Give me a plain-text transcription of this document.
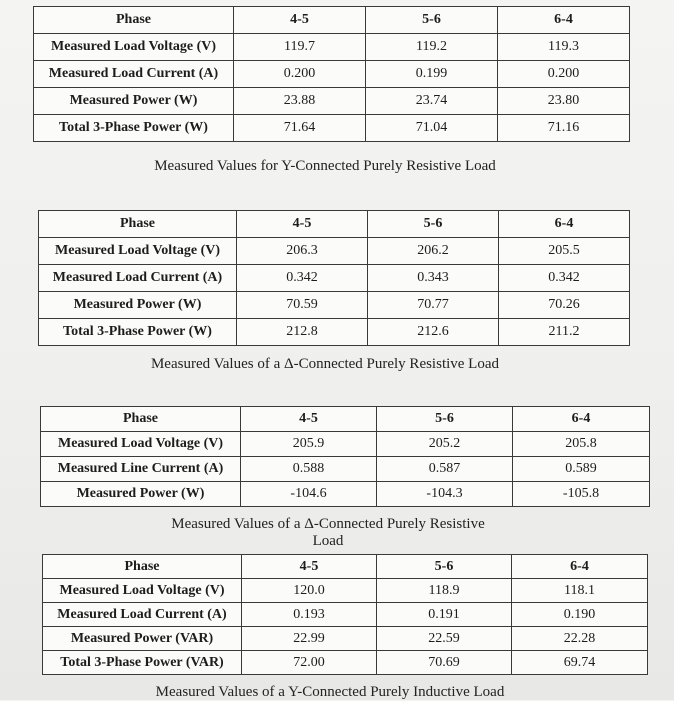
Phase	4-5	5-6	6-4
Measured Load Voltage (V)	119.7	119.2	119.3
Measured Load Current (A)	0.200	0.199	0.200
Measured Power (W)	23.88	23.74	23.80
Total 3-Phase Power (W)	71.64	71.04	71.16
Measured Values for Y-Connected Purely Resistive Load
Phase	4-5	5-6	6-4
Measured Load Voltage (V)	206.3	206.2	205.5
Measured Load Current (A)	0.342	0.343	0.342
Measured Power (W)	70.59	70.77	70.26
Total 3-Phase Power (W)	212.8	212.6	211.2
Measured Values of a Δ-Connected Purely Resistive Load
Phase	4-5	5-6	6-4
Measured Load Voltage (V)	205.9	205.2	205.8
Measured Line Current (A)	0.588	0.587	0.589
Measured Power (W)	-104.6	-104.3	-105.8
Measured Values of a Δ-Connected Purely Resistive
Load
Phase	4-5	5-6	6-4
Measured Load Voltage (V)	120.0	118.9	118.1
Measured Load Current (A)	0.193	0.191	0.190
Measured Power (VAR)	22.99	22.59	22.28
Total 3-Phase Power (VAR)	72.00	70.69	69.74
Measured Values of a Y-Connected Purely Inductive Load
